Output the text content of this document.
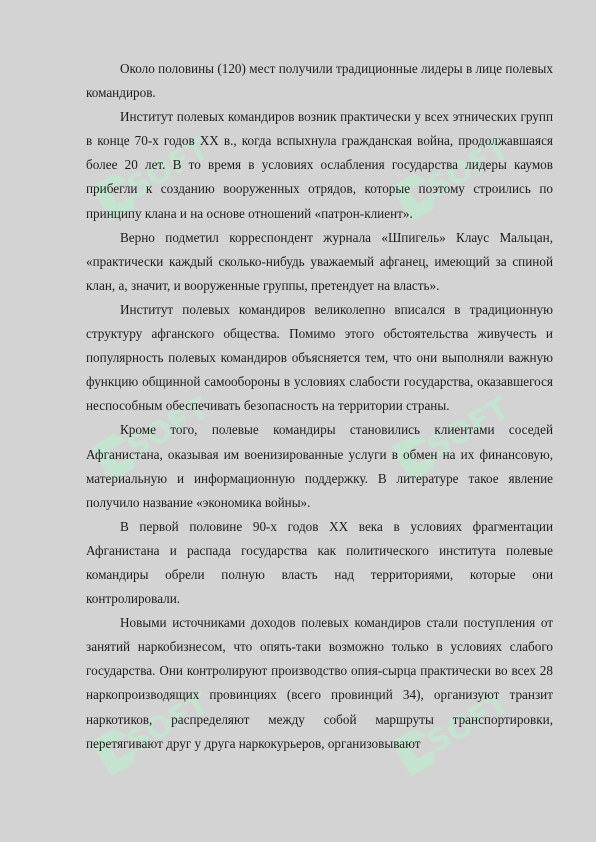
SOFT	SOFT
SOFT	SOFT
SOFT	SOFT

Около половины (120) мест получили традиционные лидеры в лице полевых командиров.

Институт полевых командиров возник практически у всех этнических групп в конце 70-х годов XX в., когда вспыхнула гражданская война, продолжавшаяся более 20 лет. В то время в условиях ослабления государства лидеры каумов прибегли к созданию вооруженных отрядов, которые поэтому строились по принципу клана и на основе отношений «патрон-клиент».

Верно подметил корреспондент журнала «Шпигель» Клаус Мальцан, «практически каждый сколько-нибудь уважаемый афганец, имеющий за спиной клан, а, значит, и вооруженные группы, претендует на власть».

Институт полевых командиров великолепно вписался в традиционную структуру афганского общества. Помимо этого обстоятельства живучесть и популярность полевых командиров объясняется тем, что они выполняли важную функцию общинной самообороны в условиях слабости государства, оказавшегося неспособным обеспечивать безопасность на территории страны.

Кроме того, полевые командиры становились клиентами соседей Афганистана, оказывая им военизированные услуги в обмен на их финансовую, материальную и информационную поддержку. В литературе такое явление получило название «экономика войны».

В первой половине 90-х годов XX века в условиях фрагментации Афганистана и распада государства как политического института полевые командиры обрели полную власть над территориями, которые они контролировали.

Новыми источниками доходов полевых командиров стали поступления от занятий наркобизнесом, что опять-таки возможно только в условиях слабого государства. Они контролируют производство опия-сырца практически во всех 28 наркопроизводящих провинциях (всего провинций 34), организуют транзит наркотиков, распределяют между собой маршруты транспортировки, перетягивают друг у друга наркокурьеров, организовывают
